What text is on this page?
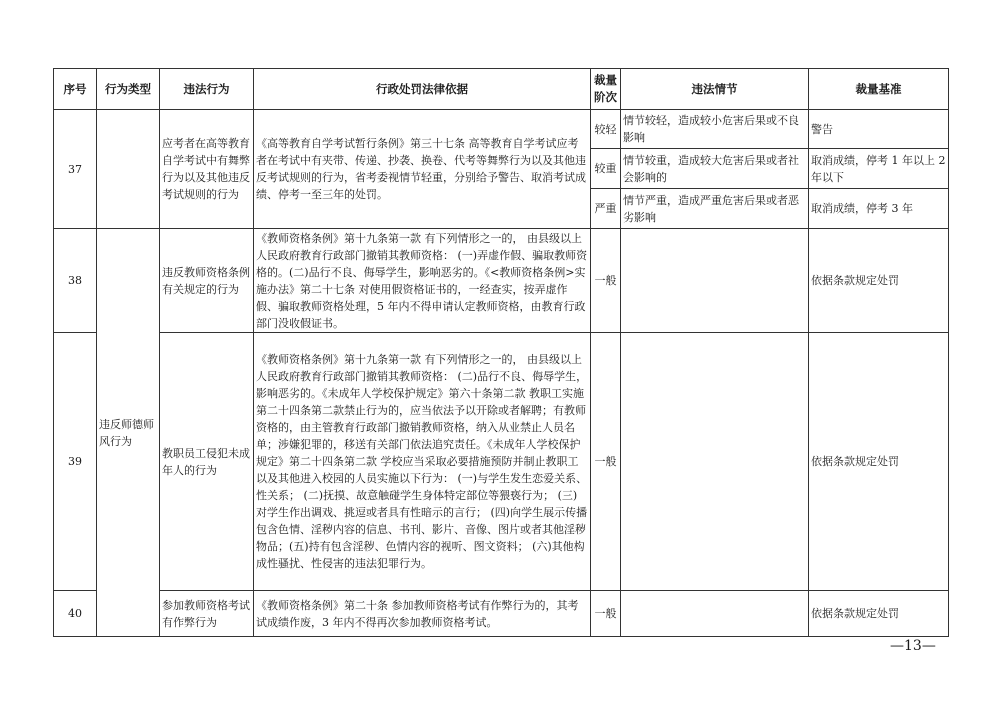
序号	行为类型	违法行为	行政处罚法律依据	裁量阶次	违法情节	裁量基准
37		应考者在高等教育自学考试中有舞弊行为以及其他违反考试规则的行为	《高等教育自学考试暂行条例》第三十七条 高等教育自学考试应考者在考试中有夹带、传递、抄袭、换卷、代考等舞弊行为以及其他违反考试规则的行为，省考委视情节轻重，分别给予警告、取消考试成绩、停考一至三年的处罚。	较轻	情节较轻，造成较小危害后果或不良影响	警告
				较重	情节较重，造成较大危害后果或者社会影响的	取消成绩，停考 1 年以上 2 年以下
				严重	情节严重，造成严重危害后果或者恶劣影响	取消成绩，停考 3 年
38	违反师德师风行为	违反教师资格条例有关规定的行为	《教师资格条例》第十九条第一款 有下列情形之一的， 由县级以上人民政府教育行政部门撤销其教师资格： (一)弄虚作假、骗取教师资格的。(二)品行不良、侮辱学生，影响恶劣的。《<教师资格条例>实施办法》第二十七条 对使用假资格证书的，一经查实，按弄虚作假、骗取教师资格处理，5 年内不得申请认定教师资格，由教育行政部门没收假证书。	一般		依据条款规定处罚
39		教职员工侵犯未成年人的行为	《教师资格条例》第十九条第一款 有下列情形之一的， 由县级以上人民政府教育行政部门撤销其教师资格： (二)品行不良、侮辱学生，影响恶劣的。《未成年人学校保护规定》第六十条第二款 教职工实施第二十四条第二款禁止行为的，应当依法予以开除或者解聘；有教师资格的，由主管教育行政部门撤销教师资格，纳入从业禁止人员名单；涉嫌犯罪的，移送有关部门依法追究责任。《未成年人学校保护规定》第二十四条第二款 学校应当采取必要措施预防并制止教职工以及其他进入校园的人员实施以下行为： (一)与学生发生恋爱关系、性关系； (二)抚摸、故意触碰学生身体特定部位等猥亵行为； (三)对学生作出调戏、挑逗或者具有性暗示的言行； (四)向学生展示传播包含色情、淫秽内容的信息、书刊、影片、音像、图片或者其他淫秽物品；(五)持有包含淫秽、色情内容的视听、图文资料； (六)其他构成性骚扰、性侵害的违法犯罪行为。	一般		依据条款规定处罚
40		参加教师资格考试有作弊行为	《教师资格条例》第二十条 参加教师资格考试有作弊行为的，其考试成绩作废，3 年内不得再次参加教师资格考试。	一般		依据条款规定处罚
—13—
